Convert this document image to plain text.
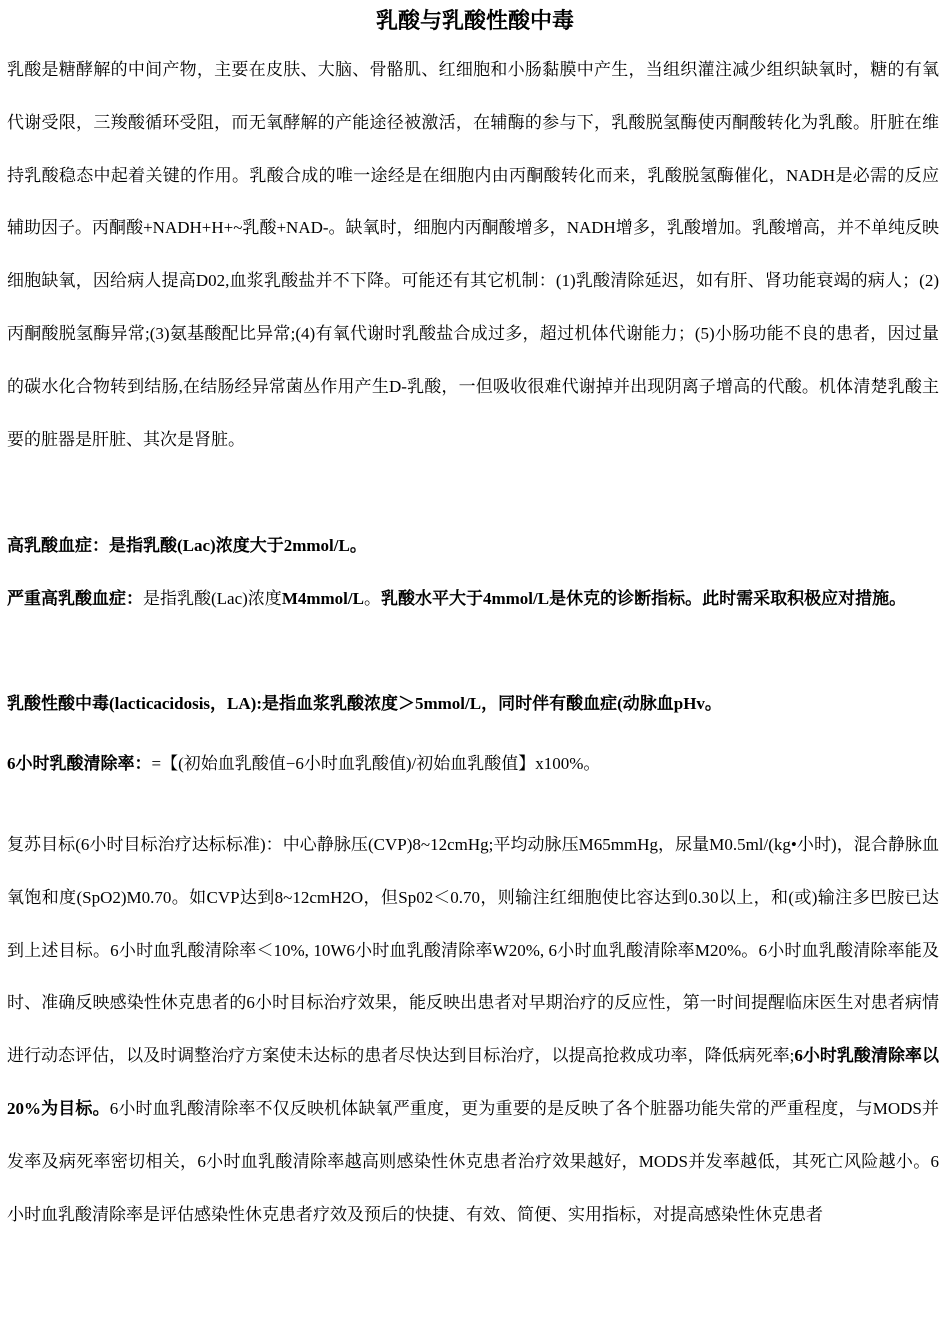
乳酸与乳酸性酸中毒

乳酸是糖酵解的中间产物，主要在皮肤、大脑、骨骼肌、红细胞和小肠黏膜中产生，当组织灌注减少组织缺氧时，糖的有氧代谢受限，三羧酸循环受阻，而无氧酵解的产能途径被激活，在辅酶的参与下，乳酸脱氢酶使丙酮酸转化为乳酸。肝脏在维持乳酸稳态中起着关键的作用。乳酸合成的唯一途经是在细胞内由丙酮酸转化而来，乳酸脱氢酶催化，NADH是必需的反应辅助因子。丙酮酸+NADH+H+~乳酸+NAD-。缺氧时，细胞内丙酮酸增多，NADH增多，乳酸增加。乳酸增高，并不单纯反映细胞缺氧，因给病人提高D02,血浆乳酸盐并不下降。可能还有其它机制：(1)乳酸清除延迟，如有肝、肾功能衰竭的病人；(2)丙酮酸脱氢酶异常;(3)氨基酸配比异常;(4)有氧代谢时乳酸盐合成过多，超过机体代谢能力；(5)小肠功能不良的患者，因过量的碳水化合物转到结肠,在结肠经异常菌丛作用产生D-乳酸，一但吸收很难代谢掉并出现阴离子增高的代酸。机体清楚乳酸主要的脏器是肝脏、其次是肾脏。

高乳酸血症：是指乳酸(Lac)浓度大于2mmol/L。

严重高乳酸血症：是指乳酸(Lac)浓度M4mmol/L。乳酸水平大于4mmol/L是休克的诊断指标。此时需采取积极应对措施。

乳酸性酸中毒(lacticacidosis，LA):是指血浆乳酸浓度＞5mmol/L，同时伴有酸血症(动脉血pHv。

6小时乳酸清除率：=【(初始血乳酸值−6小时血乳酸值)/初始血乳酸值】x100%。

复苏目标(6小时目标治疗达标标准)：中心静脉压(CVP)8~12cmHg;平均动脉压M65mmHg，尿量M0.5ml/(kg•小时)，混合静脉血氧饱和度(SpO2)M0.70。如CVP达到8~12cmH2O，但Sp02＜0.70，则输注红细胞使比容达到0.30以上，和(或)输注多巴胺已达到上述目标。6小时血乳酸清除率＜10%, 10W6小时血乳酸清除率W20%, 6小时血乳酸清除率M20%。6小时血乳酸清除率能及时、准确反映感染性休克患者的6小时目标治疗效果，能反映出患者对早期治疗的反应性，第一时间提醒临床医生对患者病情进行动态评估，以及时调整治疗方案使未达标的患者尽快达到目标治疗，以提高抢救成功率，降低病死率;6小时乳酸清除率以20%为目标。6小时血乳酸清除率不仅反映机体缺氧严重度，更为重要的是反映了各个脏器功能失常的严重程度，与MODS并发率及病死率密切相关，6小时血乳酸清除率越高则感染性休克患者治疗效果越好，MODS并发率越低，其死亡风险越小。6小时血乳酸清除率是评估感染性休克患者疗效及预后的快捷、有效、简便、实用指标，对提高感染性休克患者
